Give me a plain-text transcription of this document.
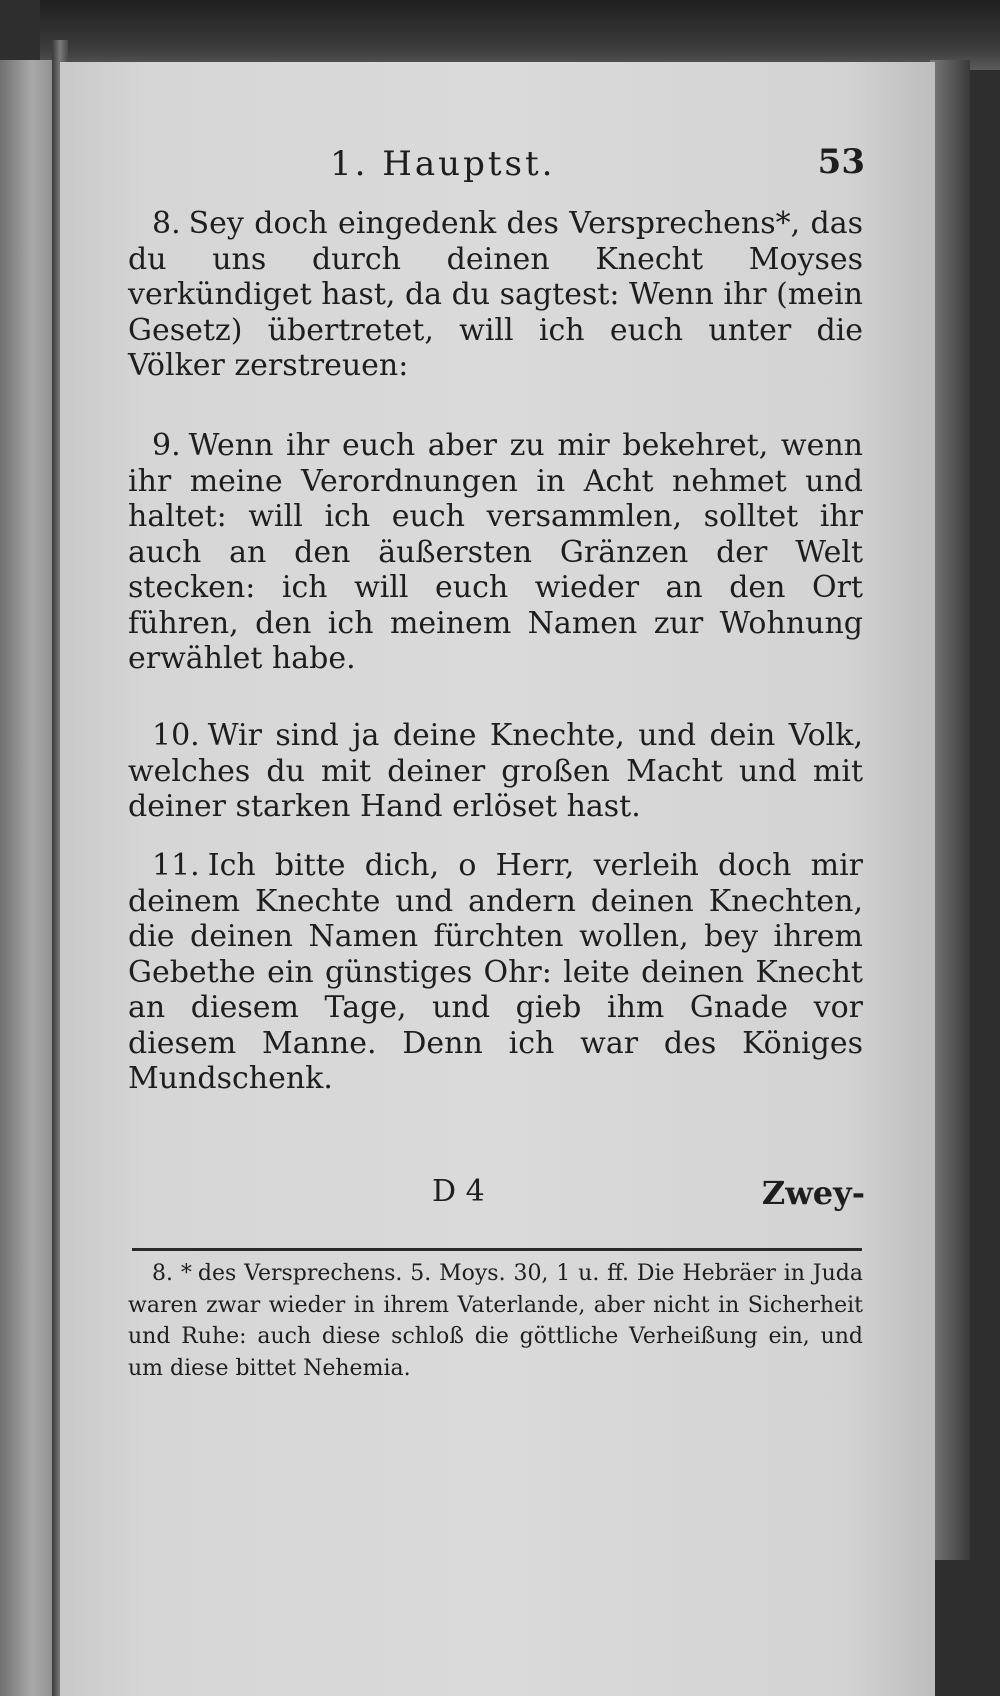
1. Hauptst.	53

8. Sey doch eingedenk des Versprechens*, das du uns durch deinen Knecht Moyses verkündiget hast, da du sagtest: Wenn ihr (mein Gesetz) übertretet, will ich euch unter die Völker zerstreuen:

9. Wenn ihr euch aber zu mir bekehret, wenn ihr meine Verordnungen in Acht nehmet und haltet: will ich euch versammlen, solltet ihr auch an den äußersten Gränzen der Welt stecken: ich will euch wieder an den Ort führen, den ich meinem Namen zur Wohnung erwählet habe.

10. Wir sind ja deine Knechte, und dein Volk, welches du mit deiner großen Macht und mit deiner starken Hand erlöset hast.

11. Ich bitte dich, o Herr, verleih doch mir deinem Knechte und andern deinen Knechten, die deinen Namen fürchten wollen, bey ihrem Gebethe ein günstiges Ohr: leite deinen Knecht an diesem Tage, und gieb ihm Gnade vor diesem Manne. Denn ich war des Königes Mundschenk.

D 4	Zwey-

8. * des Versprechens. 5. Moys. 30, 1 u. ff. Die Hebräer in Juda waren zwar wieder in ihrem Vaterlande, aber nicht in Sicherheit und Ruhe: auch diese schloß die göttliche Verheißung ein, und um diese bittet Nehemia.
